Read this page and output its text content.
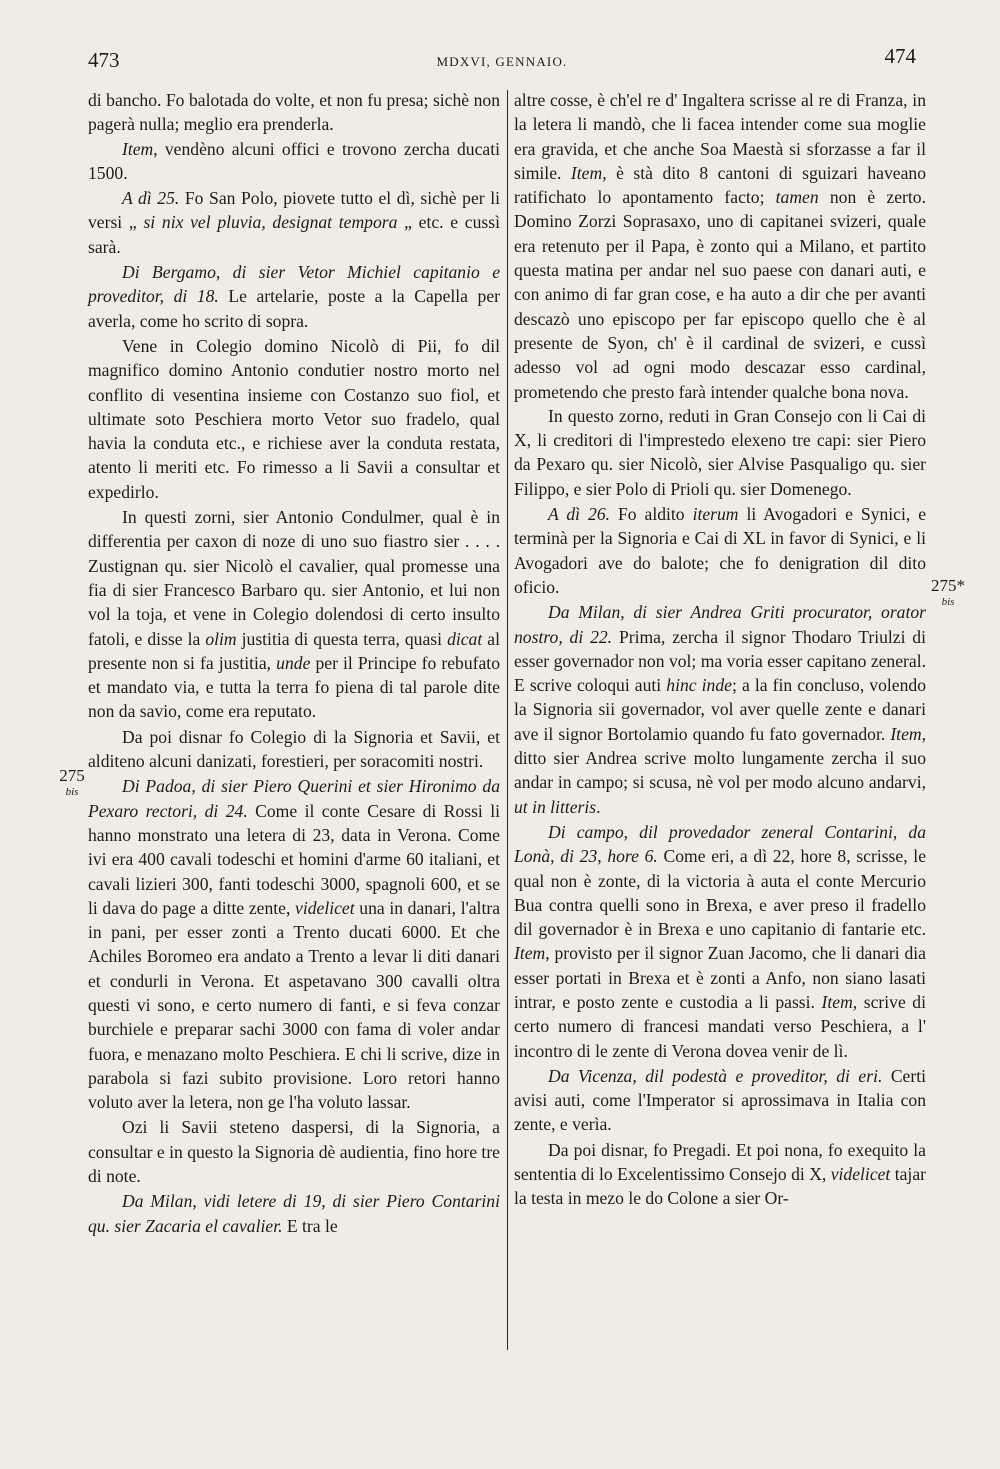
473	MDXVI, GENNAIO.	474

di bancho. Fo balotada do volte, et non fu presa; sichè non pagerà nulla; meglio era prenderla.

Item, vendèno alcuni offici e trovono zercha ducati 1500.

A dì 25. Fo San Polo, piovete tutto el dì, sichè per li versi „ si nix vel pluvia, designat tempora „ etc. e cussì sarà.

Di Bergamo, di sier Vetor Michiel capitanio e proveditor, di 18. Le artelarie, poste a la Capella per averla, come ho scrito di sopra.

Vene in Colegio domino Nicolò di Pii, fo dil magnifico domino Antonio condutier nostro morto nel conflito di vesentina insieme con Costanzo suo fiol, et ultimate soto Peschiera morto Vetor suo fradelo, qual havia la conduta etc., e richiese aver la conduta restata, atento li meriti etc. Fo rimesso a li Savii a consultar et expedirlo.

In questi zorni, sier Antonio Condulmer, qual è in differentia per caxon di noze di uno suo fiastro sier . . . . Zustignan qu. sier Nicolò el cavalier, qual promesse una fia di sier Francesco Barbaro qu. sier Antonio, et lui non vol la toja, et vene in Colegio dolendosi di certo insulto fatoli, e disse la olim justitia di questa terra, quasi dicat al presente non si fa justitia, unde per il Principe fo rebufato et mandato via, e tutta la terra fo piena di tal parole dite non da savio, come era reputato.

Da poi disnar fo Colegio di la Signoria et Savii, et alditeno alcuni danizati, forestieri, per soracomiti nostri.

Di Padoa, di sier Piero Querini et sier Hironimo da Pexaro rectori, di 24. Come il conte Cesare di Rossi li hanno monstrato una letera di 23, data in Verona. Come ivi era 400 cavali todeschi et homini d'arme 60 italiani, et cavali lizieri 300, fanti todeschi 3000, spagnoli 600, et se li dava do page a ditte zente, videlicet una in danari, l'altra in pani, per esser zonti a Trento ducati 6000. Et che Achiles Boromeo era andato a Trento a levar li diti danari et condurli in Verona. Et aspetavano 300 cavalli oltra questi vi sono, e certo numero di fanti, e si feva conzar burchiele e preparar sachi 3000 con fama di voler andar fuora, e menazano molto Peschiera. E chi li scrive, dize in parabola si fazi subito provisione. Loro retori hanno voluto aver la letera, non ge l'ha voluto lassar.

Ozi li Savii steteno daspersi, di la Signoria, a consultar e in questo la Signoria dè audientia, fino hore tre di note.

Da Milan, vidi letere di 19, di sier Piero Contarini qu. sier Zacaria el cavalier. E tra le

altre cosse, è ch'el re d' Ingaltera scrisse al re di Franza, in la letera li mandò, che li facea intender come sua moglie era gravida, et che anche Soa Maestà si sforzasse a far il simile. Item, è stà dito 8 cantoni di sguizari haveano ratifichato lo apontamento facto; tamen non è zerto. Domino Zorzi Soprasaxo, uno di capitanei svizeri, quale era retenuto per il Papa, è zonto qui a Milano, et partito questa matina per andar nel suo paese con danari auti, e con animo di far gran cose, e ha auto a dir che per avanti descazò uno episcopo per far episcopo quello che è al presente de Syon, ch' è il cardinal de svizeri, e cussì adesso vol ad ogni modo descazar esso cardinal, prometendo che presto farà intender qualche bona nova.

In questo zorno, reduti in Gran Consejo con li Cai di X, li creditori di l'imprestedo elexeno tre capi: sier Piero da Pexaro qu. sier Nicolò, sier Alvise Pasqualigo qu. sier Filippo, e sier Polo di Prioli qu. sier Domenego.

A dì 26. Fo aldito iterum li Avogadori e Synici, e terminà per la Signoria e Cai di XL in favor di Synici, e li Avogadori ave do balote; che fo denigration dil dito oficio.

Da Milan, di sier Andrea Griti procurator, orator nostro, di 22. Prima, zercha il signor Thodaro Triulzi di esser governador non vol; ma voria esser capitano zeneral. E scrive coloqui auti hinc inde; a la fin concluso, volendo la Signoria sii governador, vol aver quelle zente e danari ave il signor Bortolamio quando fu fato governador. Item, ditto sier Andrea scrive molto lungamente zercha il suo andar in campo; si scusa, nè vol per modo alcuno andarvi, ut in litteris.

Di campo, dil provedador zeneral Contarini, da Lonà, di 23, hore 6. Come eri, a dì 22, hore 8, scrisse, le qual non è zonte, di la victoria à auta el conte Mercurio Bua contra quelli sono in Brexa, e aver preso il fradello dil governador è in Brexa e uno capitanio di fantarie etc. Item, provisto per il signor Zuan Jacomo, che li danari dia esser portati in Brexa et è zonti a Anfo, non siano lasati intrar, e posto zente e custodia a li passi. Item, scrive di certo numero di francesi mandati verso Peschiera, a l' incontro di le zente di Verona dovea venir de lì.

Da Vicenza, dil podestà e proveditor, di eri. Certi avisi auti, come l'Imperator si aprossimava in Italia con zente, e verìa.

Da poi disnar, fo Pregadi. Et poi nona, fo exequito la sententia di lo Excelentissimo Consejo di X, videlicet tajar la testa in mezo le do Colone a sier Or-

275
bis
275*
bis
